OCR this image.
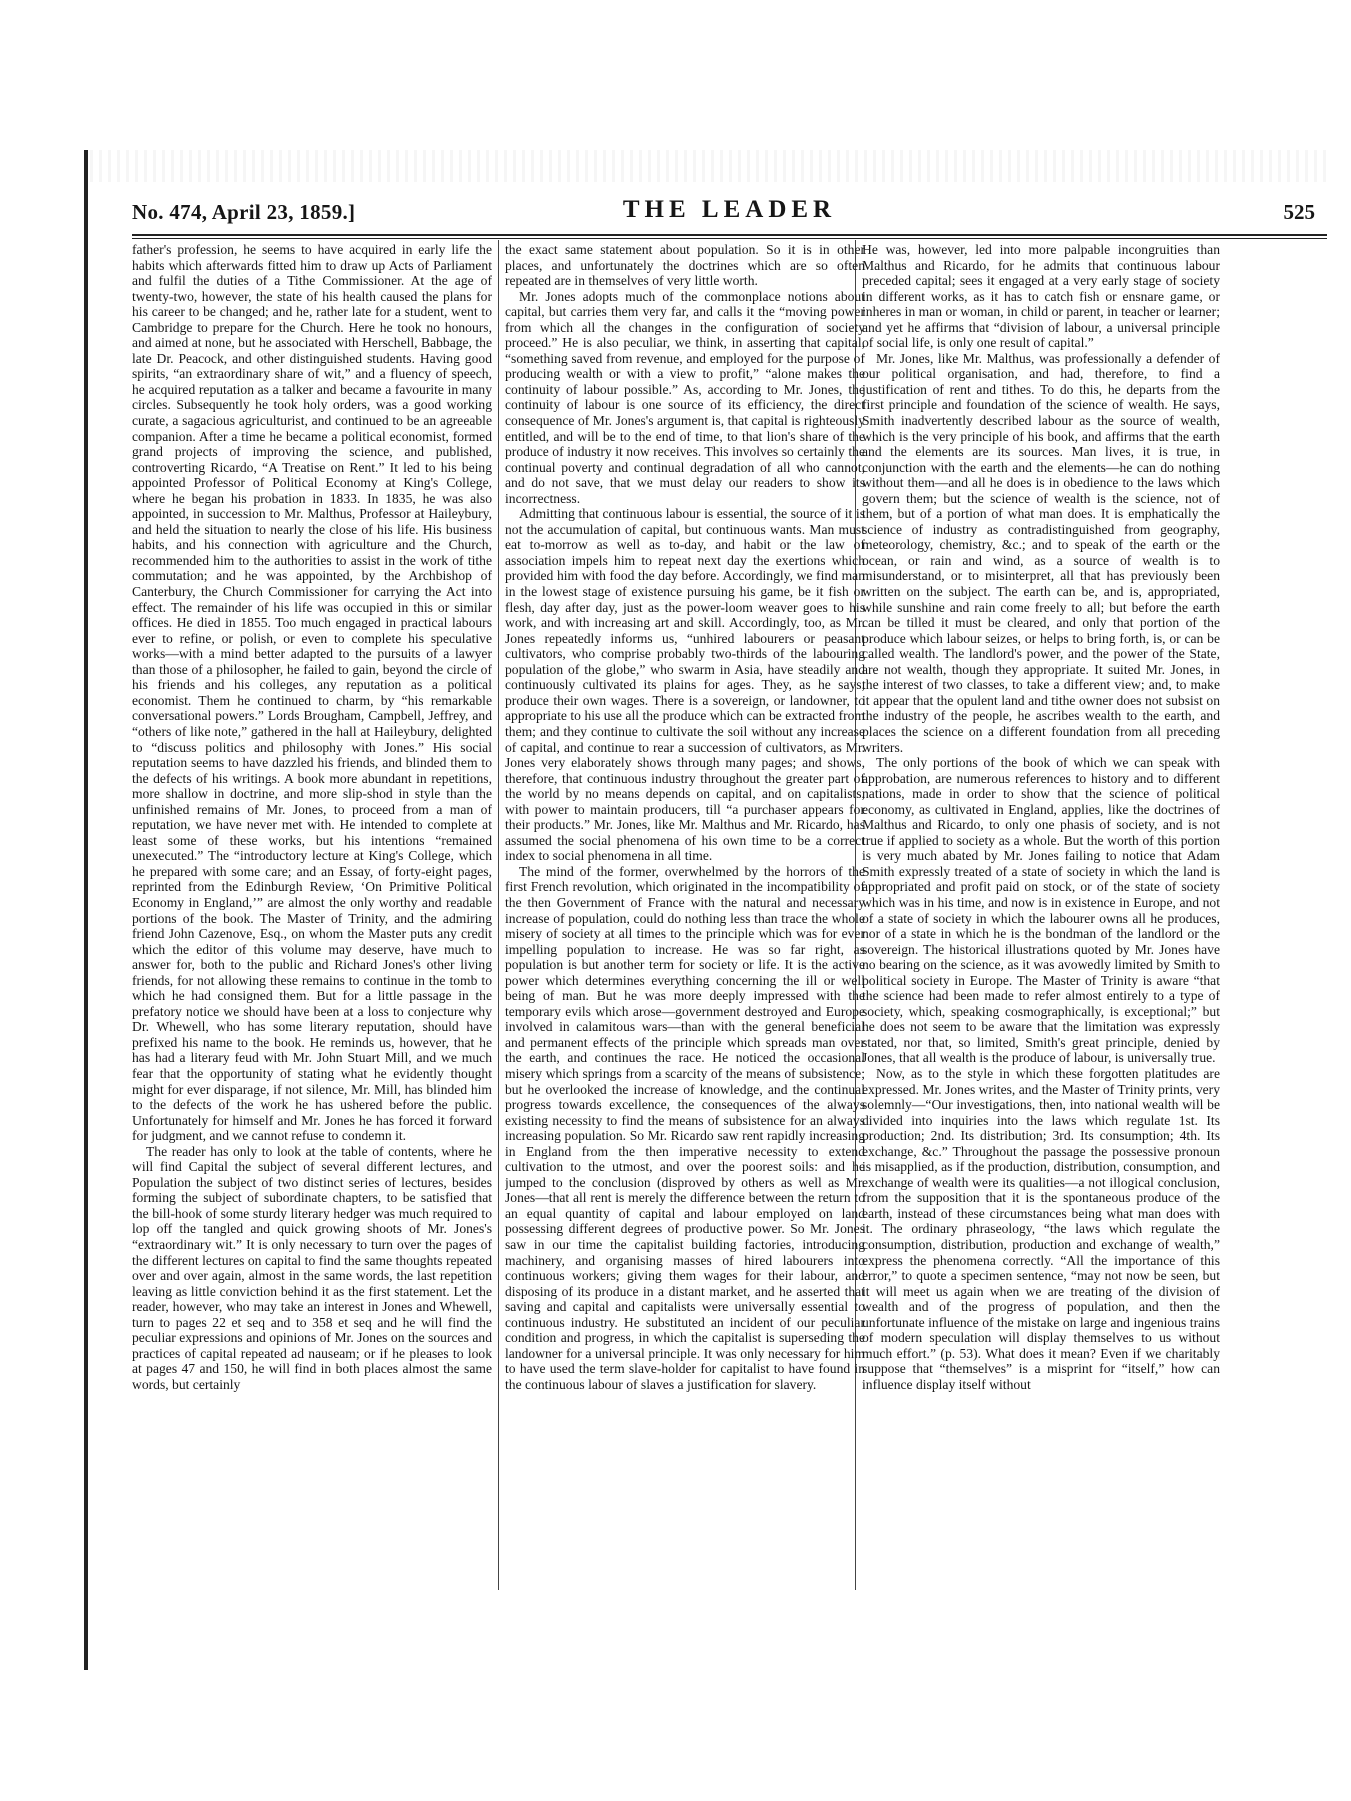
No. 474, April 23, 1859.]	THE LEADER	525

father's profession, he seems to have acquired in early life the habits which afterwards fitted him to draw up Acts of Parliament and fulfil the duties of a Tithe Commissioner. At the age of twenty-two, however, the state of his health caused the plans for his career to be changed; and he, rather late for a student, went to Cambridge to prepare for the Church. Here he took no honours, and aimed at none, but he associated with Herschell, Babbage, the late Dr. Peacock, and other distinguished students. Having good spirits, “an extraordinary share of wit,” and a fluency of speech, he acquired reputation as a talker and became a favourite in many circles. Subsequently he took holy orders, was a good working curate, a sagacious agriculturist, and continued to be an agreeable companion. After a time he became a political economist, formed grand projects of improving the science, and published, controverting Ricardo, “A Treatise on Rent.” It led to his being appointed Professor of Political Economy at King's College, where he began his probation in 1833. In 1835, he was also appointed, in succession to Mr. Malthus, Professor at Haileybury, and held the situation to nearly the close of his life. His business habits, and his connection with agriculture and the Church, recommended him to the authorities to assist in the work of tithe commutation; and he was appointed, by the Archbishop of Canterbury, the Church Commissioner for carrying the Act into effect. The remainder of his life was occupied in this or similar offices. He died in 1855. Too much engaged in practical labours ever to refine, or polish, or even to complete his speculative works—with a mind better adapted to the pursuits of a lawyer than those of a philosopher, he failed to gain, beyond the circle of his friends and his colleges, any reputation as a political economist. Them he continued to charm, by “his remarkable conversational powers.” Lords Brougham, Campbell, Jeffrey, and “others of like note,” gathered in the hall at Haileybury, delighted to “discuss politics and philosophy with Jones.” His social reputation seems to have dazzled his friends, and blinded them to the defects of his writings. A book more abundant in repetitions, more shallow in doctrine, and more slip-shod in style than the unfinished remains of Mr. Jones, to proceed from a man of reputation, we have never met with. He intended to complete at least some of these works, but his intentions “remained unexecuted.” The “introductory lecture at King's College, which he prepared with some care; and an Essay, of forty-eight pages, reprinted from the Edinburgh Review, ‘On Primitive Political Economy in England,’” are almost the only worthy and readable portions of the book. The Master of Trinity, and the admiring friend John Cazenove, Esq., on whom the Master puts any credit which the editor of this volume may deserve, have much to answer for, both to the public and Richard Jones's other living friends, for not allowing these remains to continue in the tomb to which he had consigned them. But for a little passage in the prefatory notice we should have been at a loss to conjecture why Dr. Whewell, who has some literary reputation, should have prefixed his name to the book. He reminds us, however, that he has had a literary feud with Mr. John Stuart Mill, and we much fear that the opportunity of stating what he evidently thought might for ever disparage, if not silence, Mr. Mill, has blinded him to the defects of the work he has ushered before the public. Unfortunately for himself and Mr. Jones he has forced it forward for judgment, and we cannot refuse to condemn it.

The reader has only to look at the table of contents, where he will find Capital the subject of several different lectures, and Population the subject of two distinct series of lectures, besides forming the subject of subordinate chapters, to be satisfied that the bill-hook of some sturdy literary hedger was much required to lop off the tangled and quick growing shoots of Mr. Jones's “extraordinary wit.” It is only necessary to turn over the pages of the different lectures on capital to find the same thoughts repeated over and over again, almost in the same words, the last repetition leaving as little conviction behind it as the first statement. Let the reader, however, who may take an interest in Jones and Whewell, turn to pages 22 et seq and to 358 et seq and he will find the peculiar expressions and opinions of Mr. Jones on the sources and practices of capital repeated ad nauseam; or if he pleases to look at pages 47 and 150, he will find in both places almost the same words, but certainly

the exact same statement about population. So it is in other places, and unfortunately the doctrines which are so often repeated are in themselves of very little worth.

Mr. Jones adopts much of the commonplace notions about capital, but carries them very far, and calls it the “moving power from which all the changes in the configuration of society proceed.” He is also peculiar, we think, in asserting that capital, “something saved from revenue, and employed for the purpose of producing wealth or with a view to profit,” “alone makes the continuity of labour possible.” As, according to Mr. Jones, the continuity of labour is one source of its efficiency, the direct consequence of Mr. Jones's argument is, that capital is righteously entitled, and will be to the end of time, to that lion's share of the produce of industry it now receives. This involves so certainly the continual poverty and continual degradation of all who cannot, and do not save, that we must delay our readers to show its incorrectness.

Admitting that continuous labour is essential, the source of it is not the accumulation of capital, but continuous wants. Man must eat to-morrow as well as to-day, and habit or the law of association impels him to repeat next day the exertions which provided him with food the day before. Accordingly, we find man in the lowest stage of existence pursuing his game, be it fish or flesh, day after day, just as the power-loom weaver goes to his work, and with increasing art and skill. Accordingly, too, as Mr. Jones repeatedly informs us, “unhired labourers or peasant cultivators, who comprise probably two-thirds of the labouring population of the globe,” who swarm in Asia, have steadily and continuously cultivated its plains for ages. They, as he says, produce their own wages. There is a sovereign, or landowner, to appropriate to his use all the produce which can be extracted from them; and they continue to cultivate the soil without any increase of capital, and continue to rear a succession of cultivators, as Mr. Jones very elaborately shows through many pages; and shows, therefore, that continuous industry throughout the greater part of the world by no means depends on capital, and on capitalists, with power to maintain producers, till “a purchaser appears for their products.” Mr. Jones, like Mr. Malthus and Mr. Ricardo, has assumed the social phenomena of his own time to be a correct index to social phenomena in all time.

The mind of the former, overwhelmed by the horrors of the first French revolution, which originated in the incompatibility of the then Government of France with the natural and necessary increase of population, could do nothing less than trace the whole misery of society at all times to the principle which was for ever impelling population to increase. He was so far right, as population is but another term for society or life. It is the active power which determines everything concerning the ill or well being of man. But he was more deeply impressed with the temporary evils which arose—government destroyed and Europe involved in calamitous wars—than with the general beneficial and permanent effects of the principle which spreads man over the earth, and continues the race. He noticed the occasional misery which springs from a scarcity of the means of subsistence; but he overlooked the increase of knowledge, and the continual progress towards excellence, the consequences of the always existing necessity to find the means of subsistence for an always increasing population. So Mr. Ricardo saw rent rapidly increasing in England from the then imperative necessity to extend cultivation to the utmost, and over the poorest soils: and he jumped to the conclusion (disproved by others as well as Mr. Jones—that all rent is merely the difference between the return to an equal quantity of capital and labour employed on land possessing different degrees of productive power. So Mr. Jones saw in our time the capitalist building factories, introducing machinery, and organising masses of hired labourers into continuous workers; giving them wages for their labour, and disposing of its produce in a distant market, and he asserted that saving and capital and capitalists were universally essential to continuous industry. He substituted an incident of our peculiar condition and progress, in which the capitalist is superseding the landowner for a universal principle. It was only necessary for him to have used the term slave-holder for capitalist to have found in the continuous labour of slaves a justification for slavery.

He was, however, led into more palpable incongruities than Malthus and Ricardo, for he admits that continuous labour preceded capital; sees it engaged at a very early stage of society in different works, as it has to catch fish or ensnare game, or inheres in man or woman, in child or parent, in teacher or learner; and yet he affirms that “division of labour, a universal principle of social life, is only one result of capital.”

Mr. Jones, like Mr. Malthus, was professionally a defender of our political organisation, and had, therefore, to find a justification of rent and tithes. To do this, he departs from the first principle and foundation of the science of wealth. He says, Smith inadvertently described labour as the source of wealth, which is the very principle of his book, and affirms that the earth and the elements are its sources. Man lives, it is true, in conjunction with the earth and the elements—he can do nothing without them—and all he does is in obedience to the laws which govern them; but the science of wealth is the science, not of them, but of a portion of what man does. It is emphatically the science of industry as contradistinguished from geography, meteorology, chemistry, &c.; and to speak of the earth or the ocean, or rain and wind, as a source of wealth is to misunderstand, or to misinterpret, all that has previously been written on the subject. The earth can be, and is, appropriated, while sunshine and rain come freely to all; but before the earth can be tilled it must be cleared, and only that portion of the produce which labour seizes, or helps to bring forth, is, or can be called wealth. The landlord's power, and the power of the State, are not wealth, though they appropriate. It suited Mr. Jones, in the interest of two classes, to take a different view; and, to make it appear that the opulent land and tithe owner does not subsist on the industry of the people, he ascribes wealth to the earth, and places the science on a different foundation from all preceding writers.

The only portions of the book of which we can speak with approbation, are numerous references to history and to different nations, made in order to show that the science of political economy, as cultivated in England, applies, like the doctrines of Malthus and Ricardo, to only one phasis of society, and is not true if applied to society as a whole. But the worth of this portion is very much abated by Mr. Jones failing to notice that Adam Smith expressly treated of a state of society in which the land is appropriated and profit paid on stock, or of the state of society which was in his time, and now is in existence in Europe, and not of a state of society in which the labourer owns all he produces, nor of a state in which he is the bondman of the landlord or the sovereign. The historical illustrations quoted by Mr. Jones have no bearing on the science, as it was avowedly limited by Smith to political society in Europe. The Master of Trinity is aware “that the science had been made to refer almost entirely to a type of society, which, speaking cosmographically, is exceptional;” but he does not seem to be aware that the limitation was expressly stated, nor that, so limited, Smith's great principle, denied by Jones, that all wealth is the produce of labour, is universally true.

Now, as to the style in which these forgotten platitudes are expressed. Mr. Jones writes, and the Master of Trinity prints, very solemnly—“Our investigations, then, into national wealth will be divided into inquiries into the laws which regulate 1st. Its production; 2nd. Its distribution; 3rd. Its consumption; 4th. Its exchange, &c.” Throughout the passage the possessive pronoun is misapplied, as if the production, distribution, consumption, and exchange of wealth were its qualities—a not illogical conclusion, from the supposition that it is the spontaneous produce of the earth, instead of these circumstances being what man does with it. The ordinary phraseology, “the laws which regulate the consumption, distribution, production and exchange of wealth,” express the phenomena correctly. “All the importance of this error,” to quote a specimen sentence, “may not now be seen, but it will meet us again when we are treating of the division of wealth and of the progress of population, and then the unfortunate influence of the mistake on large and ingenious trains of modern speculation will display themselves to us without much effort.” (p. 53). What does it mean? Even if we charitably suppose that “themselves” is a misprint for “itself,” how can influence display itself without
